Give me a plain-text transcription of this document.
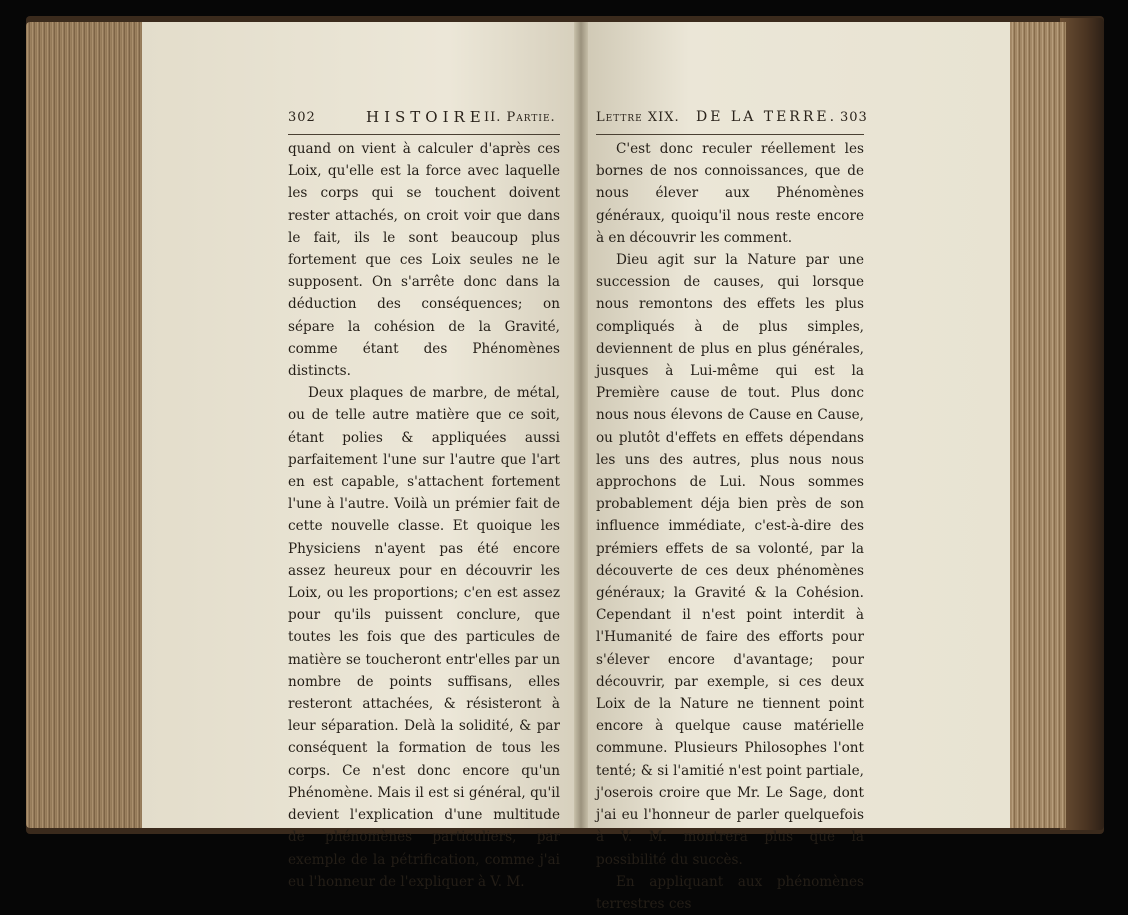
302	HISTOIRE
II. Partie.

quand on vient à calculer d'après ces Loix, qu'elle est la force avec laquelle les corps qui se touchent doivent rester attachés, on croit voir que dans le fait, ils le sont beaucoup plus fortement que ces Loix seules ne le supposent. On s'arrête donc dans la déduction des conséquences; on sépare la cohésion de la Gravité, comme étant des Phénomènes distincts.

Deux plaques de marbre, de métal, ou de telle autre matière que ce soit, étant polies & appliquées aussi parfaitement l'une sur l'autre que l'art en est capable, s'attachent fortement l'une à l'autre. Voilà un prémier fait de cette nouvelle classe. Et quoique les Physiciens n'ayent pas été encore assez heureux pour en découvrir les Loix, ou les proportions; c'en est assez pour qu'ils puissent conclure, que toutes les fois que des particules de matière se toucheront entr'elles par un nombre de points suffisans, elles resteront attachées, & résisteront à leur séparation. Delà la solidité, & par conséquent la formation de tous les corps. Ce n'est donc encore qu'un Phénomène. Mais il est si général, qu'il devient l'explication d'une multitude de phénomènes particuliers, par exemple de la pétrification, comme j'ai eu l'honneur de l'expliquer à V. M.

Lettre XIX. DE LA TERRE. 303

C'est donc reculer réellement les bornes de nos connoissances, que de nous élever aux Phénomènes généraux, quoiqu'il nous reste encore à en découvrir les comment.

Dieu agit sur la Nature par une succession de causes, qui lorsque nous remontons des effets les plus compliqués à de plus simples, deviennent de plus en plus générales, jusques à Lui-même qui est la Première cause de tout. Plus donc nous nous élevons de Cause en Cause, ou plutôt d'effets en effets dépendans les uns des autres, plus nous nous approchons de Lui. Nous sommes probablement déja bien près de son influence immédiate, c'est-à-dire des prémiers effets de sa volonté, par la découverte de ces deux phénomènes généraux; la Gravité & la Cohésion. Cependant il n'est point interdit à l'Humanité de faire des efforts pour s'élever encore d'avantage; pour découvrir, par exemple, si ces deux Loix de la Nature ne tiennent point encore à quelque cause matérielle commune. Plusieurs Philosophes l'ont tenté; & si l'amitié n'est point partiale, j'oserois croire que Mr. Le Sage, dont j'ai eu l'honneur de parler quelquefois à V. M. montrera plus que la possibilité du succès.

En appliquant aux phénomènes terrestres ces
